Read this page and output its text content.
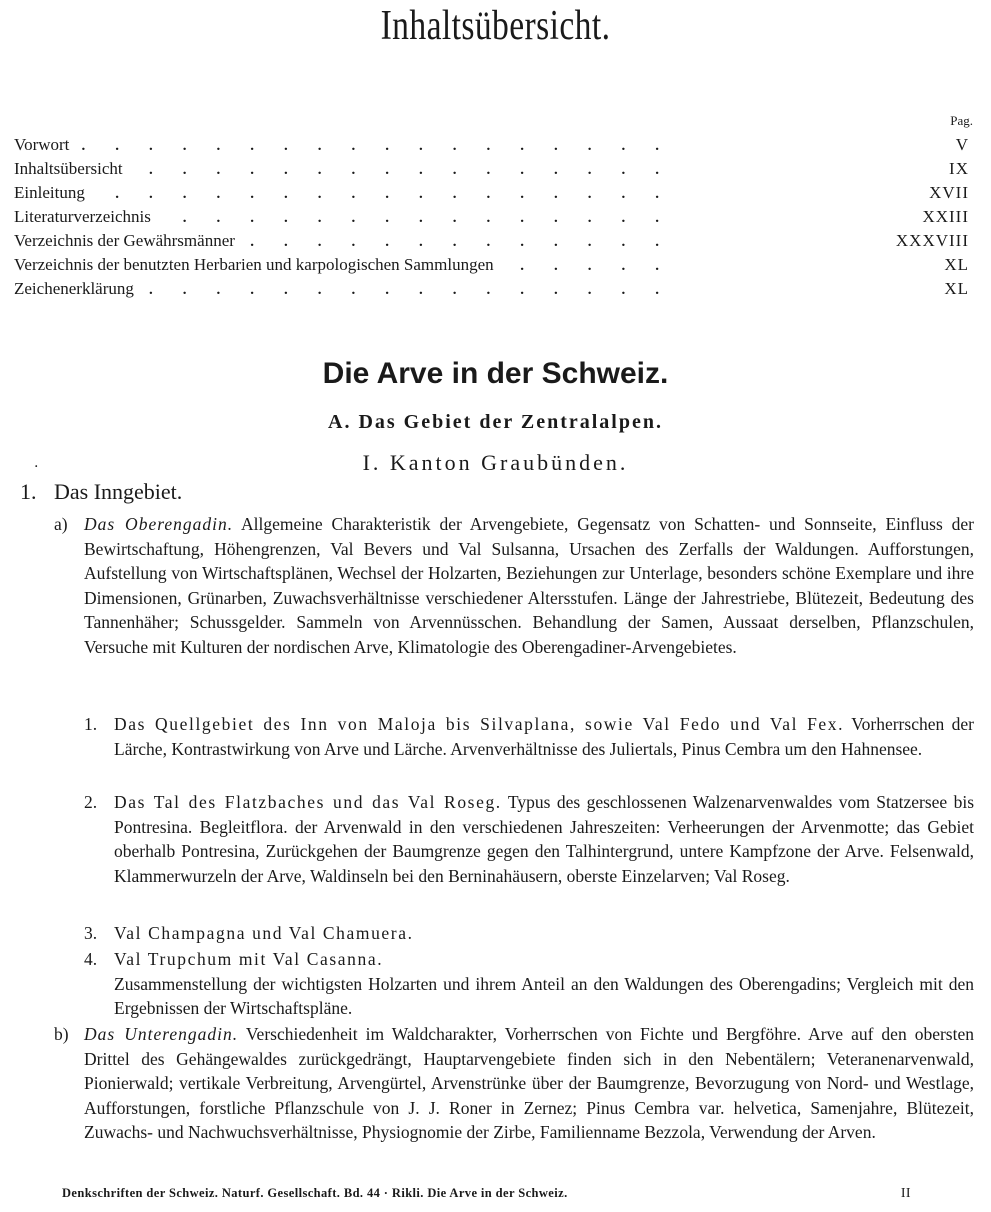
Inhaltsübersicht.
Pag.
.
Vorwort	V
.
Inhaltsübersicht	IX
.
Einleitung	XVII
.
Literaturverzeichnis	XXIII
.
Verzeichnis der Gewährsmänner	XXXVIII
.
Verzeichnis der benutzten Herbarien und karpologischen Sammlungen	XL
.
Zeichenerklärung	XL
Die Arve in der Schweiz.
A. Das Gebiet der Zentralalpen.
.	I. Kanton Graubünden.
1. Das Inngebiet.
a) Das Oberengadin. Allgemeine Charakteristik der Arvengebiete, Gegensatz von Schatten- und Sonnseite, Einfluss der Bewirtschaftung, Höhengrenzen, Val Bevers und Val Sulsanna, Ursachen des Zerfalls der Waldungen. Aufforstungen, Aufstellung von Wirtschaftsplänen, Wechsel der Holzarten, Beziehungen zur Unterlage, besonders schöne Exemplare und ihre Dimensionen, Grünarben, Zuwachsverhältnisse verschiedener Altersstufen. Länge der Jahrestriebe, Blütezeit, Bedeutung des Tannenhäher; Schussgelder. Sammeln von Arvennüsschen. Behandlung der Samen, Aussaat derselben, Pflanzschulen, Versuche mit Kulturen der nordischen Arve, Klimatologie des Oberengadiner-Arvengebietes.
1. Das Quellgebiet des Inn von Maloja bis Silvaplana, sowie Val Fedo und Val Fex. Vorherrschen der Lärche, Kontrastwirkung von Arve und Lärche. Arvenverhältnisse des Juliertals, Pinus Cembra um den Hahnensee.
2. Das Tal des Flatzbaches und das Val Roseg. Typus des geschlossenen Walzenarvenwaldes vom Statzersee bis Pontresina. Begleitflora. der Arvenwald in den verschiedenen Jahreszeiten: Verheerungen der Arvenmotte; das Gebiet oberhalb Pontresina, Zurückgehen der Baumgrenze gegen den Talhintergrund, untere Kampfzone der Arve. Felsenwald, Klammerwurzeln der Arve, Waldinseln bei den Berninahäusern, oberste Einzelarven; Val Roseg.
3. Val Champagna und Val Chamuera.
4. Val Trupchum mit Val Casanna.
Zusammenstellung der wichtigsten Holzarten und ihrem Anteil an den Waldungen des Oberengadins; Vergleich mit den Ergebnissen der Wirtschaftspläne.
b) Das Unterengadin. Verschiedenheit im Waldcharakter, Vorherrschen von Fichte und Bergföhre. Arve auf den obersten Drittel des Gehängewaldes zurückgedrängt, Hauptarvengebiete finden sich in den Nebentälern; Veteranenarvenwald, Pionierwald; vertikale Verbreitung, Arvengürtel, Arvenstrünke über der Baumgrenze, Bevorzugung von Nord- und Westlage, Aufforstungen, forstliche Pflanzschule von J. J. Roner in Zernez; Pinus Cembra var. helvetica, Samenjahre, Blütezeit, Zuwachs- und Nachwuchsverhältnisse, Physiognomie der Zirbe, Familienname Bezzola, Verwendung der Arven.
Denkschriften der Schweiz. Naturf. Gesellschaft. Bd. 44 · Rikli. Die Arve in der Schweiz.	II
